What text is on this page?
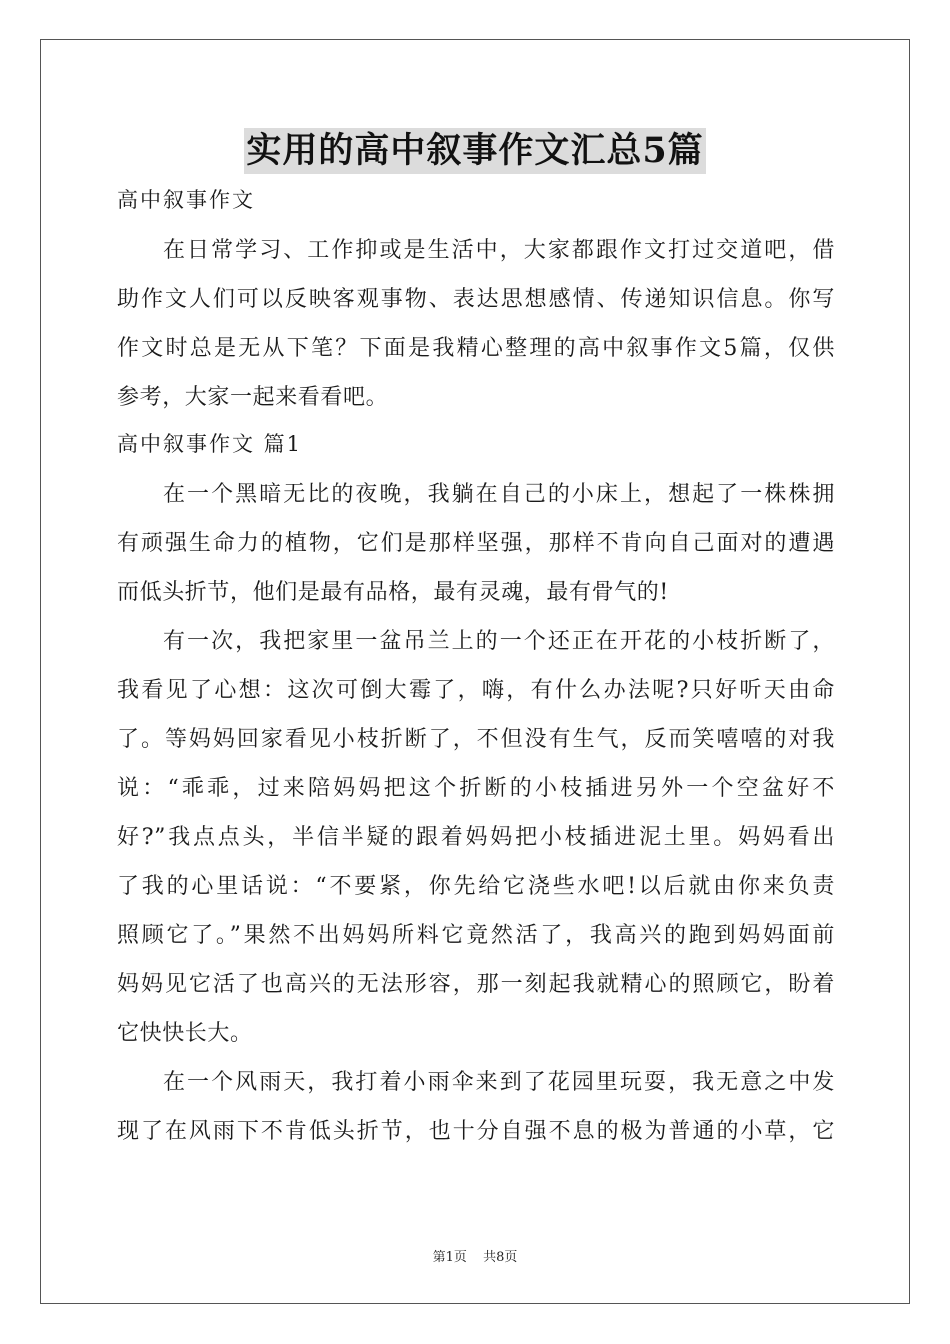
实用的高中叙事作文汇总5篇
高中叙事作文
在日常学习、工作抑或是生活中，大家都跟作文打过交道吧，借
助作文人们可以反映客观事物、表达思想感情、传递知识信息。你写
作文时总是无从下笔？下面是我精心整理的高中叙事作文5篇，仅供
参考，大家一起来看看吧。
高中叙事作文 篇1
在一个黑暗无比的夜晚，我躺在自己的小床上，想起了一株株拥
有顽强生命力的植物，它们是那样坚强，那样不肯向自己面对的遭遇
而低头折节，他们是最有品格，最有灵魂，最有骨气的!
有一次，我把家里一盆吊兰上的一个还正在开花的小枝折断了，
我看见了心想：这次可倒大霉了，嗨，有什么办法呢?只好听天由命
了。等妈妈回家看见小枝折断了，不但没有生气，反而笑嘻嘻的对我
说：“乖乖，过来陪妈妈把这个折断的小枝插进另外一个空盆好不
好?”我点点头，半信半疑的跟着妈妈把小枝插进泥土里。妈妈看出
了我的心里话说：“不要紧，你先给它浇些水吧!以后就由你来负责
照顾它了。”果然不出妈妈所料它竟然活了，我高兴的跑到妈妈面前
妈妈见它活了也高兴的无法形容，那一刻起我就精心的照顾它，盼着
它快快长大。
在一个风雨天，我打着小雨伞来到了花园里玩耍，我无意之中发
现了在风雨下不肯低头折节，也十分自强不息的极为普通的小草，它
第1页 共8页
